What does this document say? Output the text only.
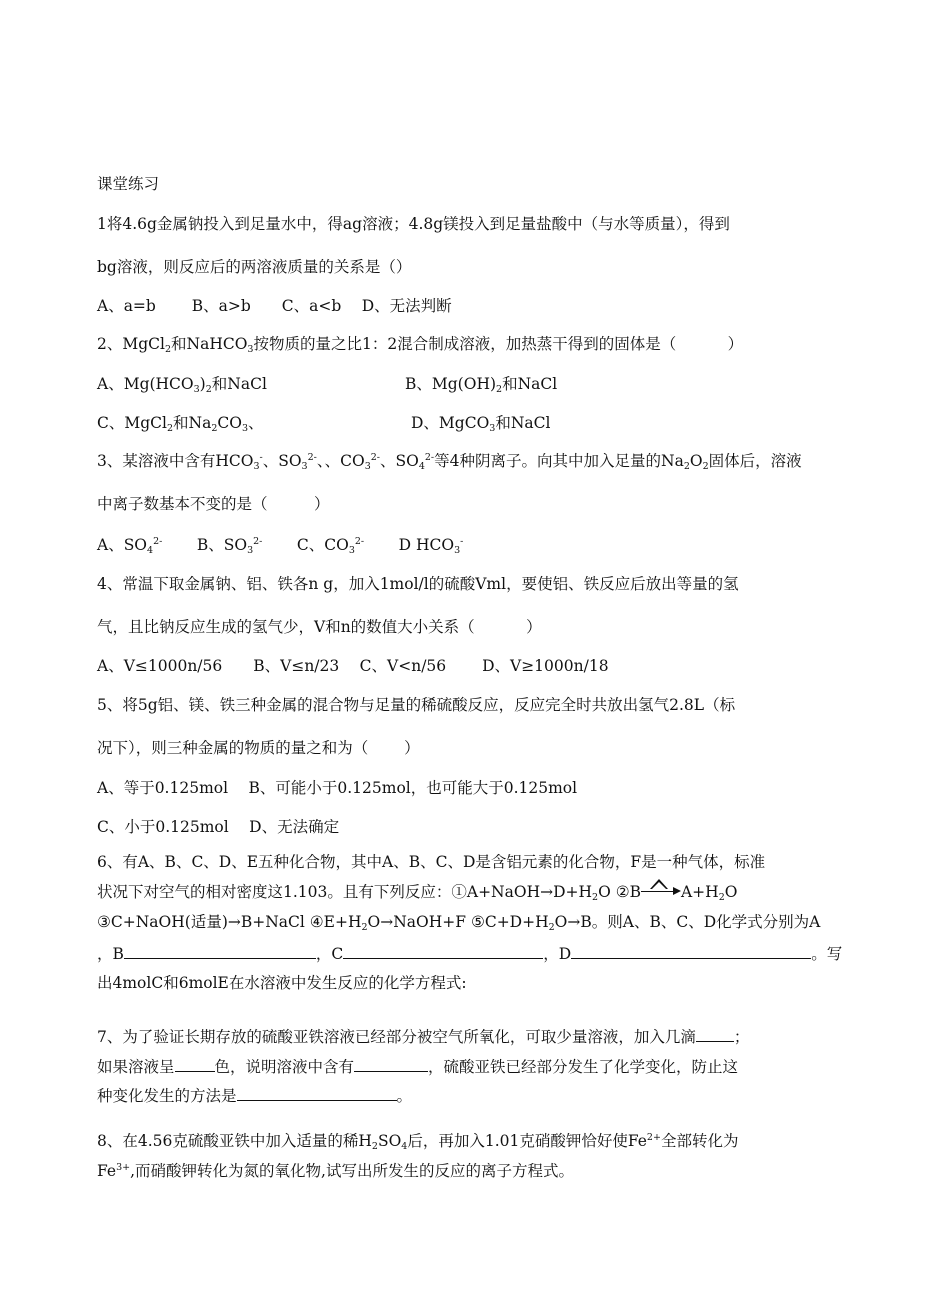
课堂练习
1将4.6g金属钠投入到足量水中，得ag溶液；4.8g镁投入到足量盐酸中（与水等质量），得到
bg溶液，则反应后的两溶液质量的关系是（）
A、a=b　　 B、a>b　　C、a<b　 D、无法判断
2、MgCl$_2$和NaHCO$_3$按物质的量之比1：2混合制成溶液，加热蒸干得到的固体是（　　　 ）
A、$Mg(HCO_3)_2$和NaCl	B、$Mg(OH)_2$和NaCl
C、MgCl$_2$和$Na_2CO_3$、	D、MgCO$_3$和NaCl
3、某溶液中含有$HCO_3^-$、$SO_3^{2-}$、、$CO_3^{2-}$、$SO_4^{2-}$等4种阴离子。向其中加入足量的$Na_2O_2$固体后，溶液
中离子数基本不变的是（　　　）
A、$SO_4^{2-}$ B、$SO_3^{2-}$ C、$CO_3^{2-}$ D $HCO_3^-$
4、常温下取金属钠、铝、铁各n g，加入1mol/l的硫酸Vml，要使铝、铁反应后放出等量的氢
气，且比钠反应生成的氢气少，V和n的数值大小关系（　　　 ）
A、V≤1000n/56　　B、V≤n/23　 C、V<n/56　　 D、V≥1000n/18
5、将5g铝、镁、铁三种金属的混合物与足量的稀硫酸反应，反应完全时共放出氢气2.8L（标
况下），则三种金属的物质的量之和为（　　 ）
A、等于0.125mol　 B、可能小于0.125mol，也可能大于0.125mol
C、小于0.125mol　 D、无法确定
6、有A、B、C、D、E五种化合物，其中A、B、C、D是含铝元素的化合物，F是一种气体，标准
状况下对空气的相对密度这1.103。且有下列反应：$①A+NaOH\to D+H_2O$ ②B	$A+H_2O$
③C+NaOH(适量)→B+NaCl $④E+H_2O\to NaOH+F$ $⑤C+D+H_2O\to B$。则A、B、C、D化学式分别为A
，B	，C	，D	。写
出4molC和6molE在水溶液中发生反应的化学方程式:
7、为了验证长期存放的硫酸亚铁溶液已经部分被空气所氧化，可取少量溶液，加入几滴 ；
如果溶液呈	色，说明溶液中含有	，硫酸亚铁已经部分发生了化学变化，防止这
种变化发生的方法是	。
8、在4.56克硫酸亚铁中加入适量的稀$H_2SO_4$后，再加入1.01克硝酸钾恰好使$Fe^{2+}$全部转化为
$Fe^{3+}$,而硝酸钾转化为氮的氧化物,试写出所发生的反应的离子方程式。
